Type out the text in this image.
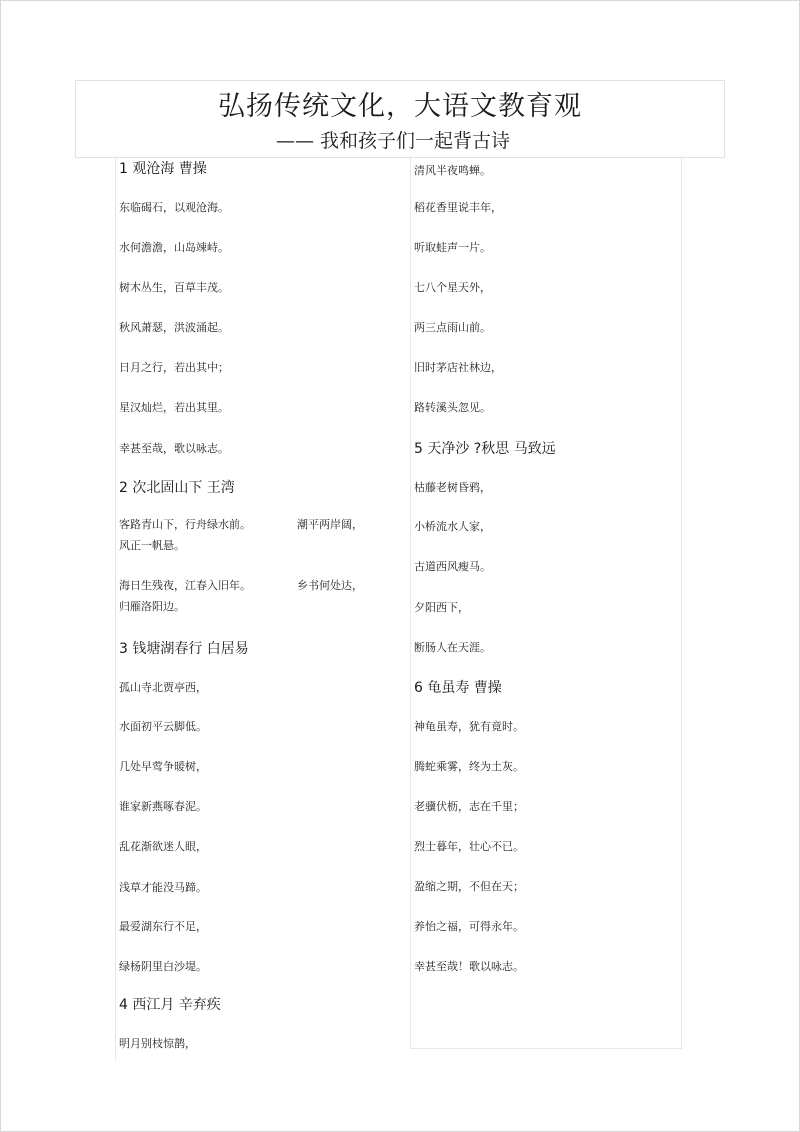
弘扬传统文化，大语文教育观
—— 我和孩子们一起背古诗
1 观沧海 曹操
东临碣石，以观沧海。
水何澹澹，山岛竦峙。
树木丛生，百草丰茂。
秋风萧瑟，洪波涌起。
日月之行，若出其中；
星汉灿烂，若出其里。
幸甚至哉，歌以咏志。
2 次北固山下 王湾
客路青山下，行舟绿水前。	潮平两岸阔，
风正一帆悬。
海日生残夜，江春入旧年。	乡书何处达，
归雁洛阳边。
3 钱塘湖春行 白居易
孤山寺北贾亭西，
水面初平云脚低。
几处早莺争暖树，
谁家新燕啄春泥。
乱花渐欲迷人眼，
浅草才能没马蹄。
最爱湖东行不足，
绿杨阴里白沙堤。
4 西江月 辛弃疾
明月别枝惊鹊，
清风半夜鸣蝉。
稻花香里说丰年，
听取蛙声一片。
七八个星天外，
两三点雨山前。
旧时茅店社林边，
路转溪头忽见。
5 天净沙 ?秋思 马致远
枯藤老树昏鸦，
小桥流水人家，
古道西风瘦马。
夕阳西下，
断肠人在天涯。
6 龟虽寿 曹操
神龟虽寿，犹有竟时。
腾蛇乘雾，终为土灰。
老骥伏枥，志在千里；
烈士暮年，壮心不已。
盈缩之期，不但在天；
养怡之福，可得永年。
幸甚至哉！歌以咏志。
